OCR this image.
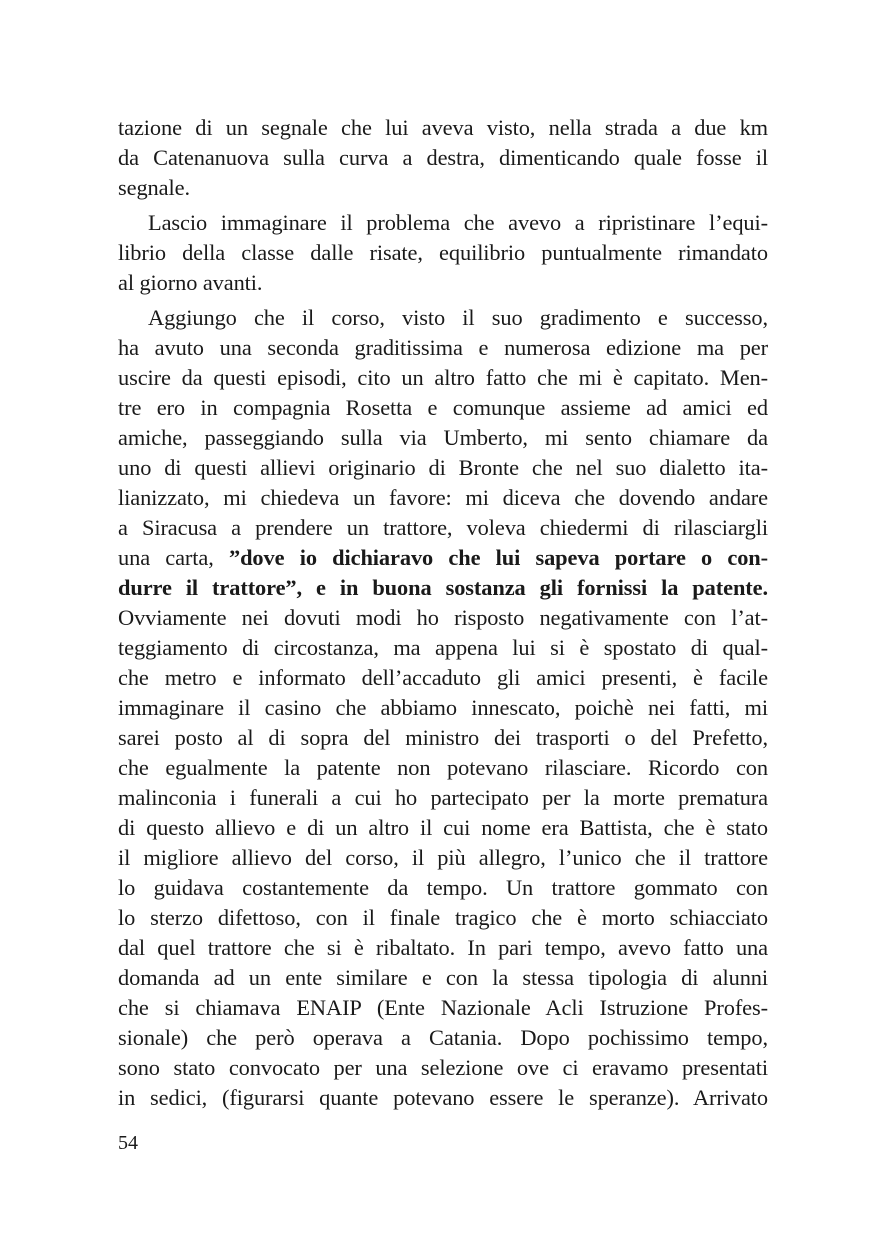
tazione di un segnale che lui aveva visto, nella strada a due km
da Catenanuova sulla curva a destra, dimenticando quale fosse il
segnale.
Lascio immaginare il problema che avevo a ripristinare l’equi-
librio della classe dalle risate, equilibrio puntualmente rimandato
al giorno avanti.
Aggiungo che il corso, visto il suo gradimento e successo,
ha avuto una seconda graditissima e numerosa edizione ma per
uscire da questi episodi, cito un altro fatto che mi è capitato. Men-
tre ero in compagnia Rosetta e comunque assieme ad amici ed
amiche, passeggiando sulla via Umberto, mi sento chiamare da
uno di questi allievi originario di Bronte che nel suo dialetto ita-
lianizzato, mi chiedeva un favore: mi diceva che dovendo andare
a Siracusa a prendere un trattore, voleva chiedermi di rilasciargli
una carta, ”dove io dichiaravo che lui sapeva portare o con-
durre il trattore”, e in buona sostanza gli fornissi la patente.
Ovviamente nei dovuti modi ho risposto negativamente con l’at-
teggiamento di circostanza, ma appena lui si è spostato di qual-
che metro e informato dell’accaduto gli amici presenti, è facile
immaginare il casino che abbiamo innescato, poichè nei fatti, mi
sarei posto al di sopra del ministro dei trasporti o del Prefetto,
che egualmente la patente non potevano rilasciare. Ricordo con
malinconia i funerali a cui ho partecipato per la morte prematura
di questo allievo e di un altro il cui nome era Battista, che è stato
il migliore allievo del corso, il più allegro, l’unico che il trattore
lo guidava costantemente da tempo. Un trattore gommato con
lo sterzo difettoso, con il finale tragico che è morto schiacciato
dal quel trattore che si è ribaltato. In pari tempo, avevo fatto una
domanda ad un ente similare e con la stessa tipologia di alunni
che si chiamava ENAIP (Ente Nazionale Acli Istruzione Profes-
sionale) che però operava a Catania. Dopo pochissimo tempo,
sono stato convocato per una selezione ove ci eravamo presentati
in sedici, (figurarsi quante potevano essere le speranze). Arrivato
54
